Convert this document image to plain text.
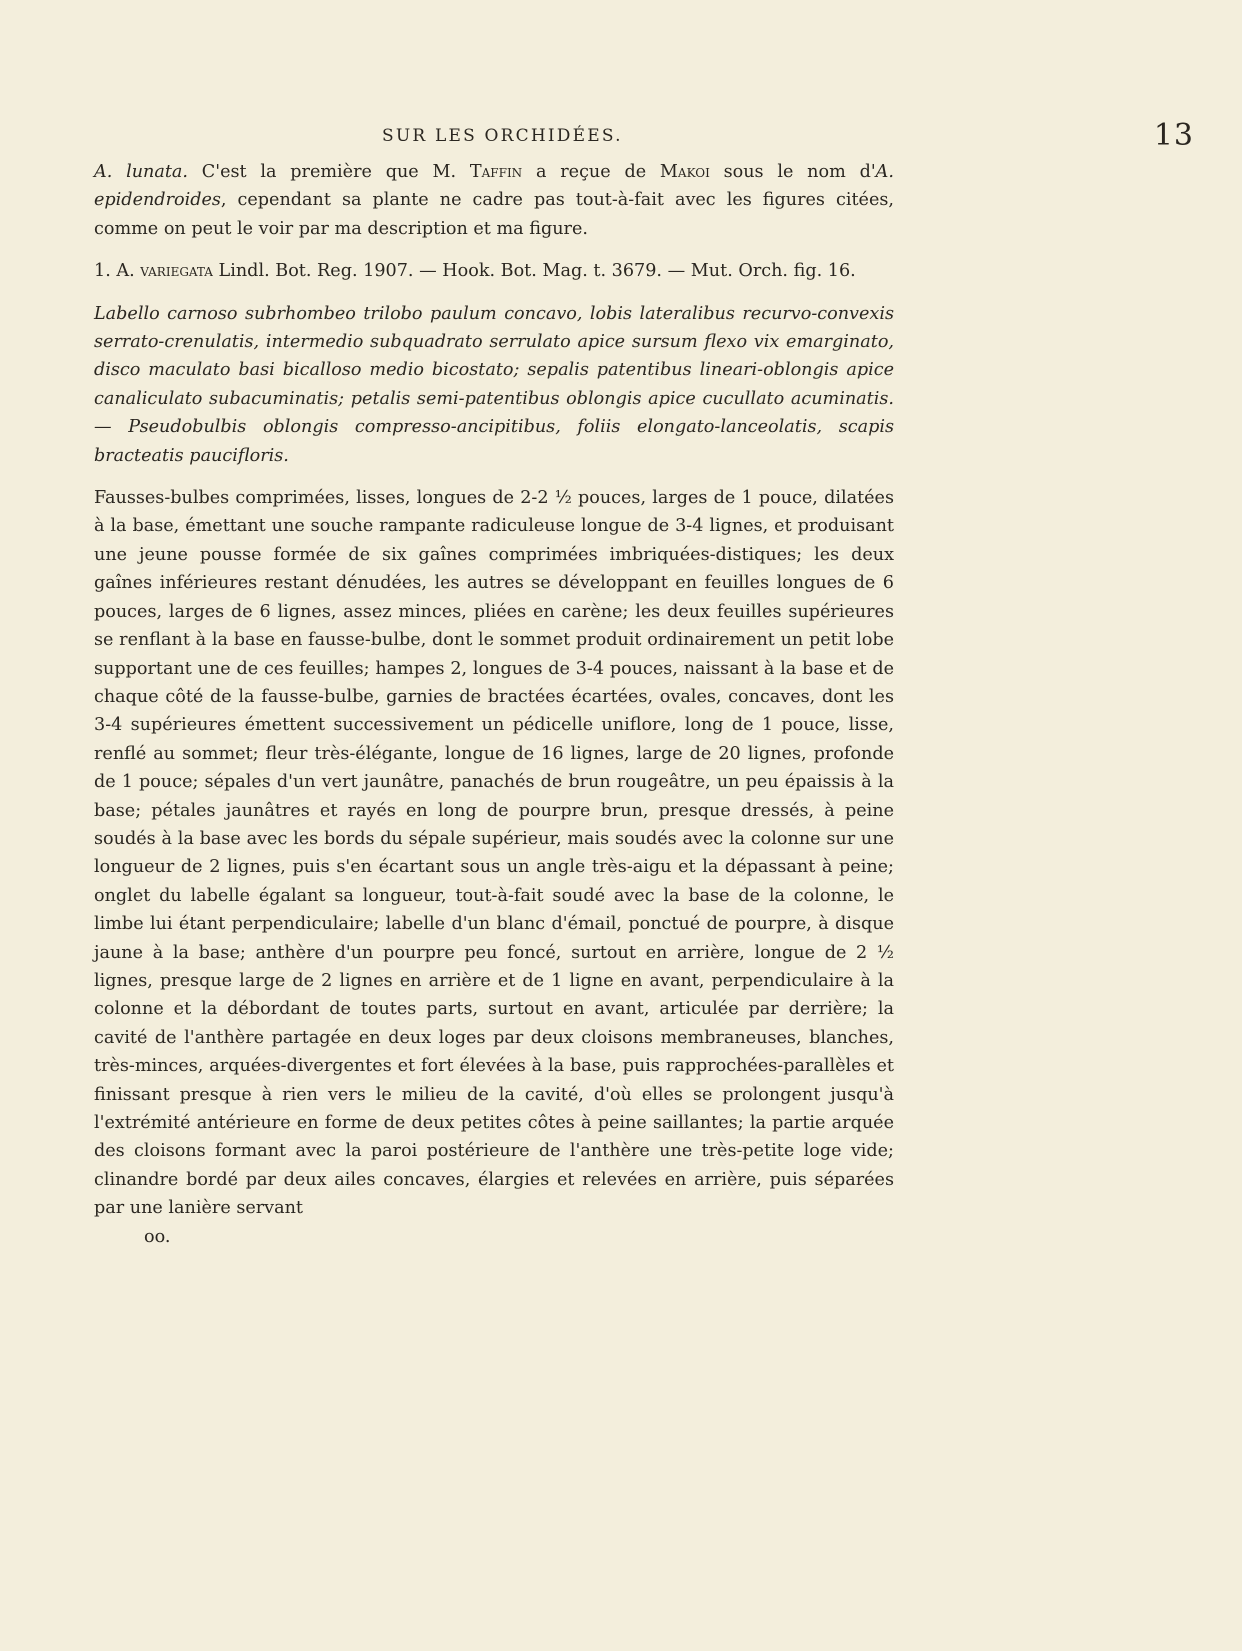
SUR LES ORCHIDÉES.	13

A. lunata. C'est la première que M. Taffin a reçue de Makoi sous le nom d'A. epidendroides, cependant sa plante ne cadre pas tout-à-fait avec les figures citées, comme on peut le voir par ma description et ma figure.

1. A. variegata Lindl. Bot. Reg. 1907. — Hook. Bot. Mag. t. 3679. — Mut. Orch. fig. 16.

Labello carnoso subrhombeo trilobo paulum concavo, lobis lateralibus recurvo-convexis serrato-crenulatis, intermedio subquadrato serrulato apice sursum flexo vix emarginato, disco maculato basi bicalloso medio bicostato; sepalis patentibus lineari-oblongis apice canaliculato subacuminatis; petalis semi-patentibus oblongis apice cucullato acuminatis. — Pseudobulbis oblongis compresso-ancipitibus, foliis elongato-lanceolatis, scapis bracteatis paucifloris.

Fausses-bulbes comprimées, lisses, longues de 2-2 ½ pouces, larges de 1 pouce, dilatées à la base, émettant une souche rampante radiculeuse longue de 3-4 lignes, et produisant une jeune pousse formée de six gaînes comprimées imbriquées-distiques; les deux gaînes inférieures restant dénudées, les autres se développant en feuilles longues de 6 pouces, larges de 6 lignes, assez minces, pliées en carène; les deux feuilles supérieures se renflant à la base en fausse-bulbe, dont le sommet produit ordinairement un petit lobe supportant une de ces feuilles; hampes 2, longues de 3-4 pouces, naissant à la base et de chaque côté de la fausse-bulbe, garnies de bractées écartées, ovales, concaves, dont les 3-4 supérieures émettent successivement un pédicelle uniflore, long de 1 pouce, lisse, renflé au sommet; fleur très-élégante, longue de 16 lignes, large de 20 lignes, profonde de 1 pouce; sépales d'un vert jaunâtre, panachés de brun rougeâtre, un peu épaissis à la base; pétales jaunâtres et rayés en long de pourpre brun, presque dressés, à peine soudés à la base avec les bords du sépale supérieur, mais soudés avec la colonne sur une longueur de 2 lignes, puis s'en écartant sous un angle très-aigu et la dépassant à peine; onglet du labelle égalant sa longueur, tout-à-fait soudé avec la base de la colonne, le limbe lui étant perpendiculaire; labelle d'un blanc d'émail, ponctué de pourpre, à disque jaune à la base; anthère d'un pourpre peu foncé, surtout en arrière, longue de 2 ½ lignes, presque large de 2 lignes en arrière et de 1 ligne en avant, perpendiculaire à la colonne et la débordant de toutes parts, surtout en avant, articulée par derrière; la cavité de l'anthère partagée en deux loges par deux cloisons membraneuses, blanches, très-minces, arquées-divergentes et fort élevées à la base, puis rapprochées-parallèles et finissant presque à rien vers le milieu de la cavité, d'où elles se prolongent jusqu'à l'extrémité antérieure en forme de deux petites côtes à peine saillantes; la partie arquée des cloisons formant avec la paroi postérieure de l'anthère une très-petite loge vide; clinandre bordé par deux ailes concaves, élargies et relevées en arrière, puis séparées par une lanière servant

oo.
